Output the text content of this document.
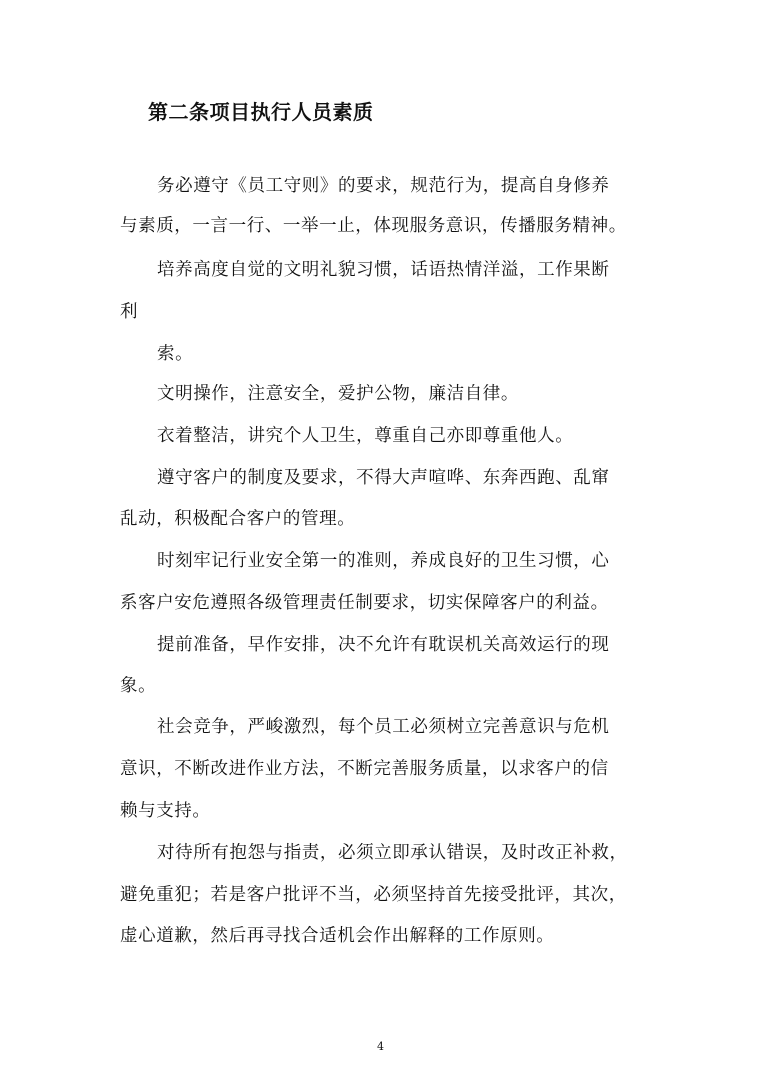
第二条项目执行人员素质
务必遵守《员工守则》的要求，规范行为，提高自身修养
与素质，一言一行、一举一止，体现服务意识，传播服务精神。
培养高度自觉的文明礼貌习惯，话语热情洋溢，工作果断
利
索。
文明操作，注意安全，爱护公物，廉洁自律。
衣着整洁，讲究个人卫生，尊重自己亦即尊重他人。
遵守客户的制度及要求，不得大声喧哗、东奔西跑、乱窜
乱动，积极配合客户的管理。
时刻牢记行业安全第一的准则，养成良好的卫生习惯，心
系客户安危遵照各级管理责任制要求，切实保障客户的利益。
提前准备，早作安排，决不允许有耽误机关高效运行的现
象。
社会竞争，严峻激烈，每个员工必须树立完善意识与危机
意识，不断改进作业方法，不断完善服务质量，以求客户的信
赖与支持。
对待所有抱怨与指责，必须立即承认错误，及时改正补救，
避免重犯；若是客户批评不当，必须坚持首先接受批评，其次，
虚心道歉，然后再寻找合适机会作出解释的工作原则。
4
